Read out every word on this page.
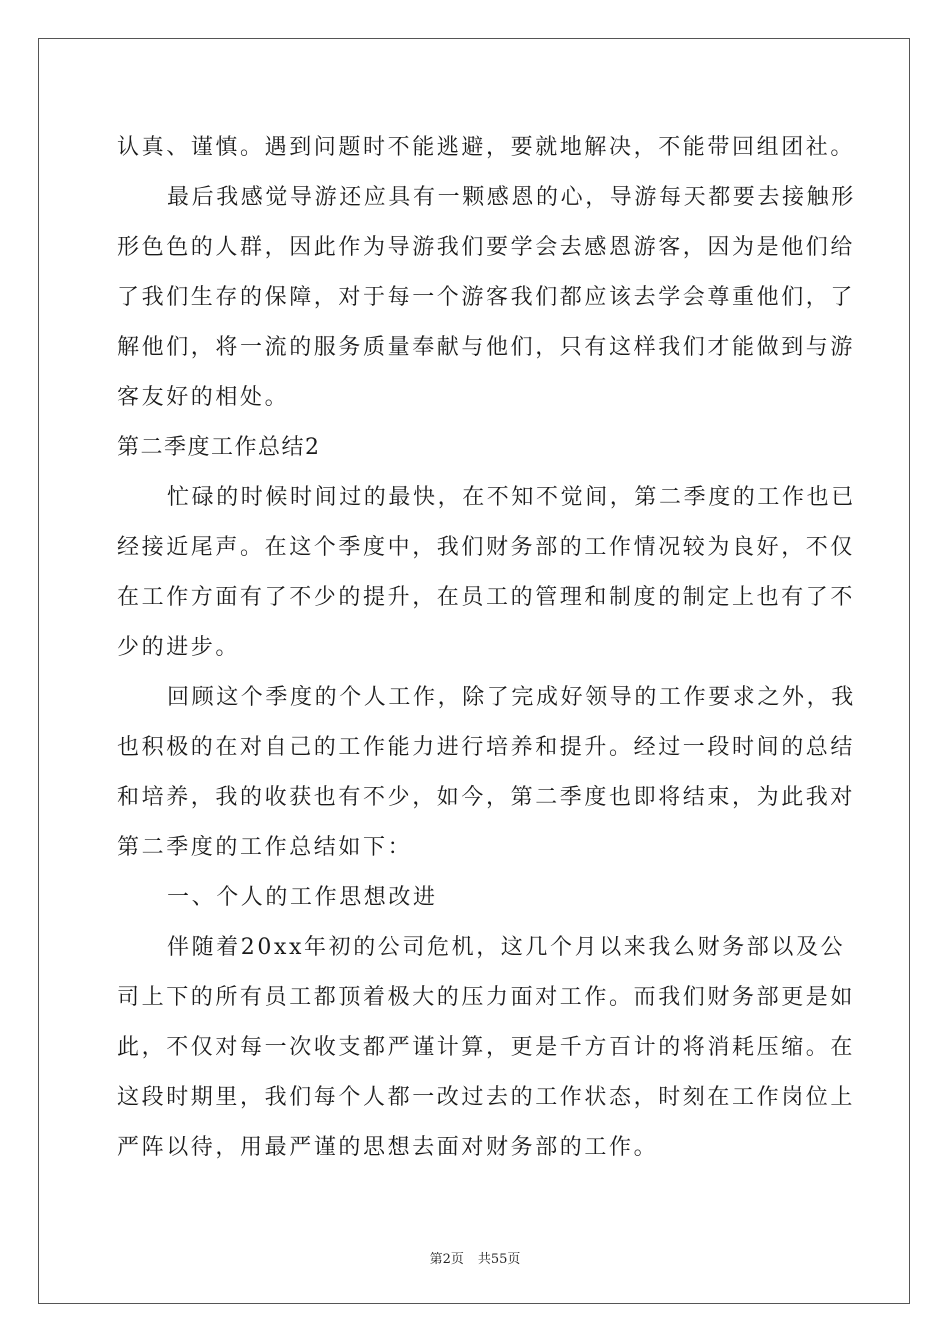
认真、谨慎。遇到问题时不能逃避，要就地解决，不能带回组团社。
最后我感觉导游还应具有一颗感恩的心，导游每天都要去接触形
形色色的人群，因此作为导游我们要学会去感恩游客，因为是他们给
了我们生存的保障，对于每一个游客我们都应该去学会尊重他们，了
解他们，将一流的服务质量奉献与他们，只有这样我们才能做到与游
客友好的相处。
第二季度工作总结2
忙碌的时候时间过的最快，在不知不觉间，第二季度的工作也已
经接近尾声。在这个季度中，我们财务部的工作情况较为良好，不仅
在工作方面有了不少的提升，在员工的管理和制度的制定上也有了不
少的进步。
回顾这个季度的个人工作，除了完成好领导的工作要求之外，我
也积极的在对自己的工作能力进行培养和提升。经过一段时间的总结
和培养，我的收获也有不少，如今，第二季度也即将结束，为此我对
第二季度的工作总结如下：
一、个人的工作思想改进
伴随着20xx年初的公司危机，这几个月以来我么财务部以及公
司上下的所有员工都顶着极大的压力面对工作。而我们财务部更是如
此，不仅对每一次收支都严谨计算，更是千方百计的将消耗压缩。在
这段时期里，我们每个人都一改过去的工作状态，时刻在工作岗位上
严阵以待，用最严谨的思想去面对财务部的工作。
第2页 共55页
